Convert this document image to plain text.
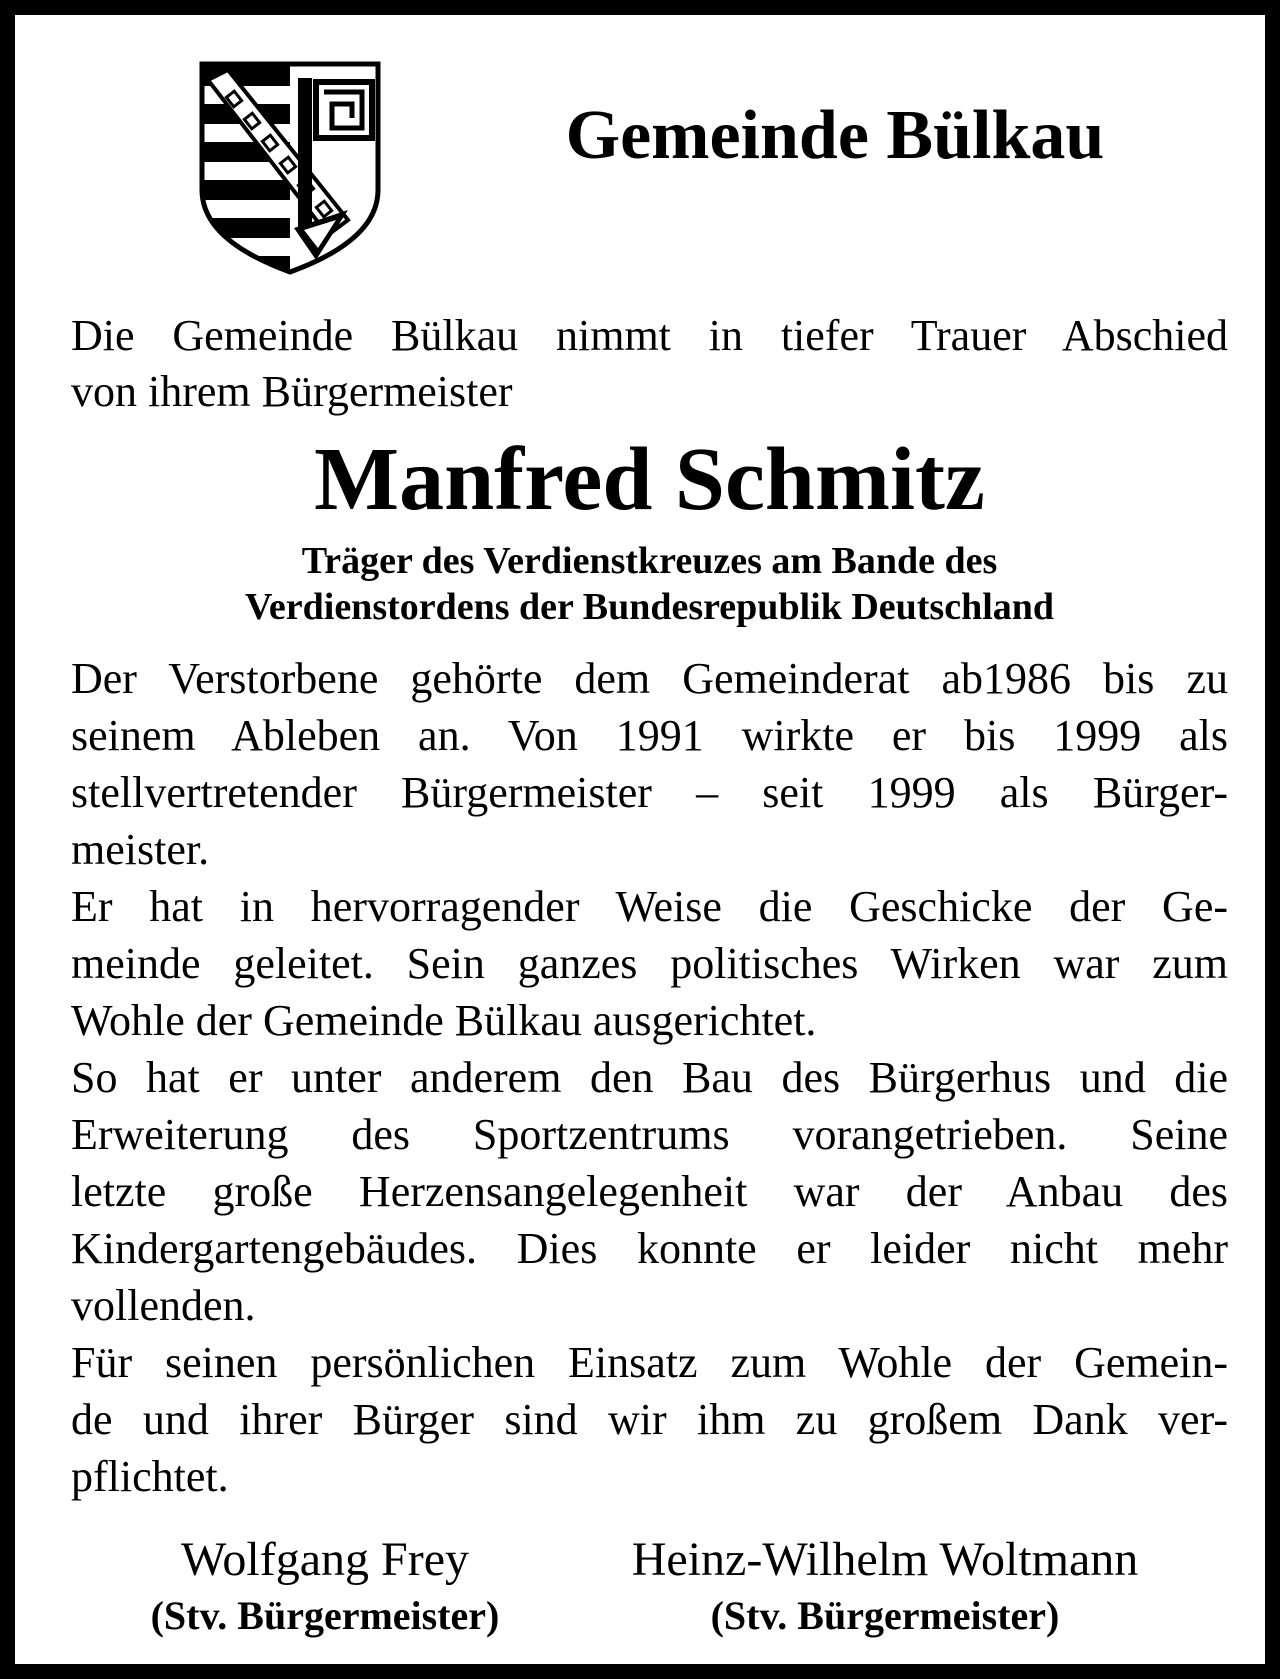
Gemeinde Bülkau

Die Gemeinde Bülkau nimmt in tiefer Trauer Abschied
von ihrem Bürgermeister

Manfred Schmitz

Träger des Verdienstkreuzes am Bande des
Verdienstordens der Bundesrepublik Deutschland

Der Verstorbene gehörte dem Gemeinderat ab1986 bis zu
seinem Ableben an. Von 1991 wirkte er bis 1999 als
stellvertretender Bürgermeister – seit 1999 als Bürger-
meister.
Er hat in hervorragender Weise die Geschicke der Ge-
meinde geleitet. Sein ganzes politisches Wirken war zum
Wohle der Gemeinde Bülkau ausgerichtet.
So hat er unter anderem den Bau des Bürgerhus und die
Erweiterung des Sportzentrums vorangetrieben. Seine
letzte große Herzensangelegenheit war der Anbau des
Kindergartengebäudes. Dies konnte er leider nicht mehr
vollenden.
Für seinen persönlichen Einsatz zum Wohle der Gemein-
de und ihrer Bürger sind wir ihm zu großem Dank ver-
pflichtet.

Wolfgang Frey
(Stv. Bürgermeister)
Heinz-Wilhelm Woltmann
(Stv. Bürgermeister)
